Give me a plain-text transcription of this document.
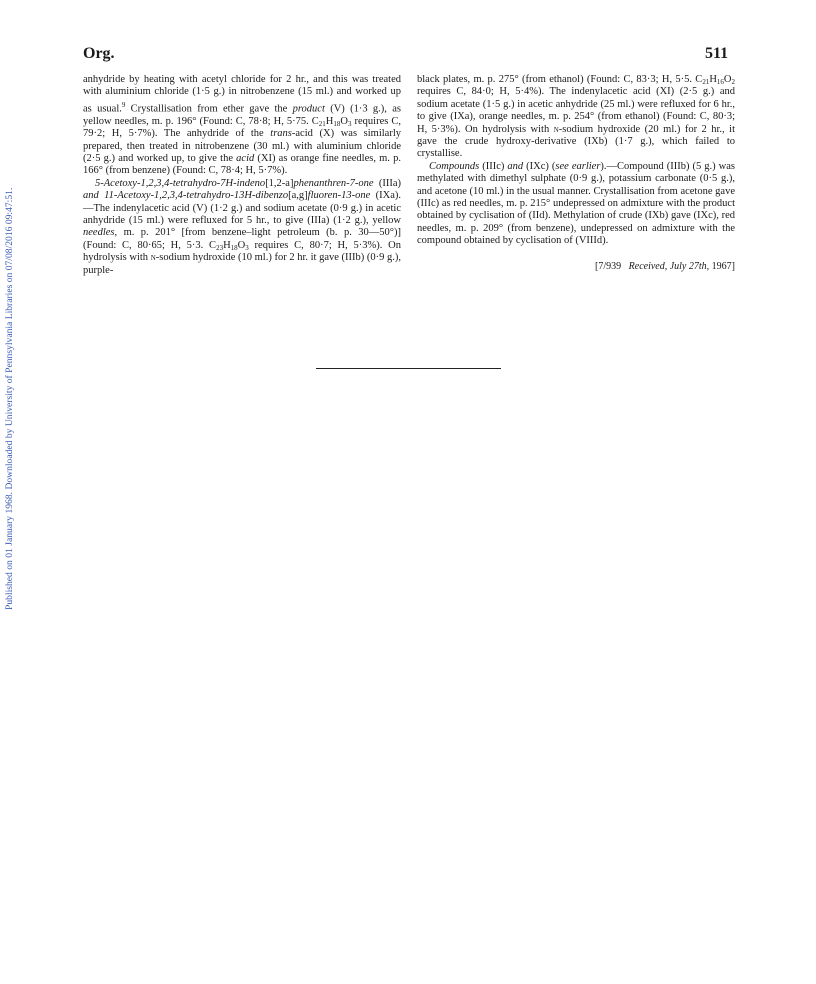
Published on 01 January 1968. Downloaded by University of Pennsylvania Libraries on 07/08/2016 09:47:51.
Org.	511

anhydride by heating with acetyl chloride for 2 hr., and this was treated with aluminium chloride (1·5 g.) in nitrobenzene (15 ml.) and worked up as usual.$^9$ Crystallisation from ether gave the product (V) (1·3 g.), as yellow needles, m. p. 196° (Found: C, 78·8; H, 5·75. $C_{21}H_{18}O_3$ requires C, 79·2; H, 5·7%). The anhydride of the trans-acid (X) was similarly prepared, then treated in nitrobenzene (30 ml.) with aluminium chloride (2·5 g.) and worked up, to give the acid (XI) as orange fine needles, m. p. 166° (from benzene) (Found: C, 78·4; H, 5·7%).

5-Acetoxy-1,2,3,4-tetrahydro-7H-indeno[1,2-a]phenanthren-7-one (IIIa) and 11-Acetoxy-1,2,3,4-tetrahydro-13H-dibenzo[a,g]fluoren-13-one (IXa).—The indenylacetic acid (V) (1·2 g.) and sodium acetate (0·9 g.) in acetic anhydride (15 ml.) were refluxed for 5 hr., to give (IIIa) (1·2 g.), yellow needles, m. p. 201° [from benzene–light petroleum (b. p. 30—50°)] (Found: C, 80·65; H, 5·3. $C_{23}H_{18}O_3$ requires C, 80·7; H, 5·3%). On hydrolysis with n-sodium hydroxide (10 ml.) for 2 hr. it gave (IIIb) (0·9 g.), purple-

black plates, m. p. 275° (from ethanol) (Found: C, 83·3; H, 5·5. $C_{21}H_{16}O_2$ requires C, 84·0; H, 5·4%). The indenylacetic acid (XI) (2·5 g.) and sodium acetate (1·5 g.) in acetic anhydride (25 ml.) were refluxed for 6 hr., to give (IXa), orange needles, m. p. 254° (from ethanol) (Found: C, 80·3; H, 5·3%). On hydrolysis with n-sodium hydroxide (20 ml.) for 2 hr., it gave the crude hydroxy-derivative (IXb) (1·7 g.), which failed to crystallise.

Compounds (IIIc) and (IXc) (see earlier).—Compound (IIIb) (5 g.) was methylated with dimethyl sulphate (0·9 g.), potassium carbonate (0·5 g.), and acetone (10 ml.) in the usual manner. Crystallisation from acetone gave (IIIc) as red needles, m. p. 215° undepressed on admixture with the product obtained by cyclisation of (IId). Methylation of crude (IXb) gave (IXc), red needles, m. p. 209° (from benzene), undepressed on admixture with the compound obtained by cyclisation of (VIIId).

[7/939 Received, July 27th, 1967]
